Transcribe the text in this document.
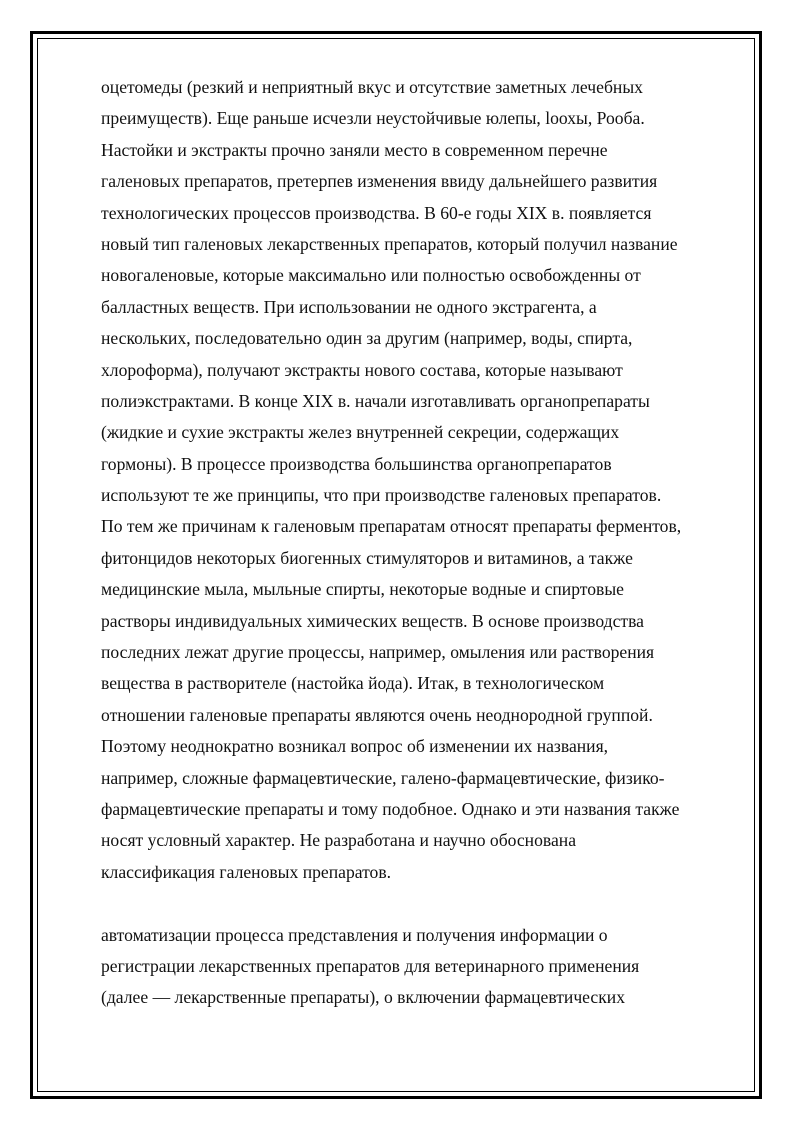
оцетомеды (резкий и неприятный вкус и отсутствие заметных лечебных
преимуществ). Еще раньше исчезли неустойчивые юлепы, loохы, Рооба.
Настойки и экстракты прочно заняли место в современном перечне
галеновых препаратов, претерпев изменения ввиду дальнейшего развития
технологических процессов производства. В 60-е годы XIX в. появляется
новый тип галеновых лекарственных препаратов, который получил название
новогаленовые, которые максимально или полностью освобожденны от
балластных веществ. При использовании не одного экстрагента, а
нескольких, последовательно один за другим (например, воды, спирта,
хлороформа), получают экстракты нового состава, которые называют
полиэкстрактами. В конце XIX в. начали изготавливать органопрепараты
(жидкие и сухие экстракты желез внутренней секреции, содержащих
гормоны). В процессе производства большинства органопрепаратов
используют те же принципы, что при производстве галеновых препаратов.
По тем же причинам к галеновым препаратам относят препараты ферментов,
фитонцидов некоторых биогенных стимуляторов и витаминов, а также
медицинские мыла, мыльные спирты, некоторые водные и спиртовые
растворы индивидуальных химических веществ. В основе производства
последних лежат другие процессы, например, омыления или растворения
вещества в растворителе (настойка йода). Итак, в технологическом
отношении галеновые препараты являются очень неоднородной группой.
Поэтому неоднократно возникал вопрос об изменении их названия,
например, сложные фармацевтические, галено-фармацевтические, физико-
фармацевтические препараты и тому подобное. Однако и эти названия также
носят условный характер. Не разработана и научно обоснована
классификация галеновых препаратов.
автоматизации процесса представления и получения информации о
регистрации лекарственных препаратов для ветеринарного применения
(далее — лекарственные препараты), о включении фармацевтических
